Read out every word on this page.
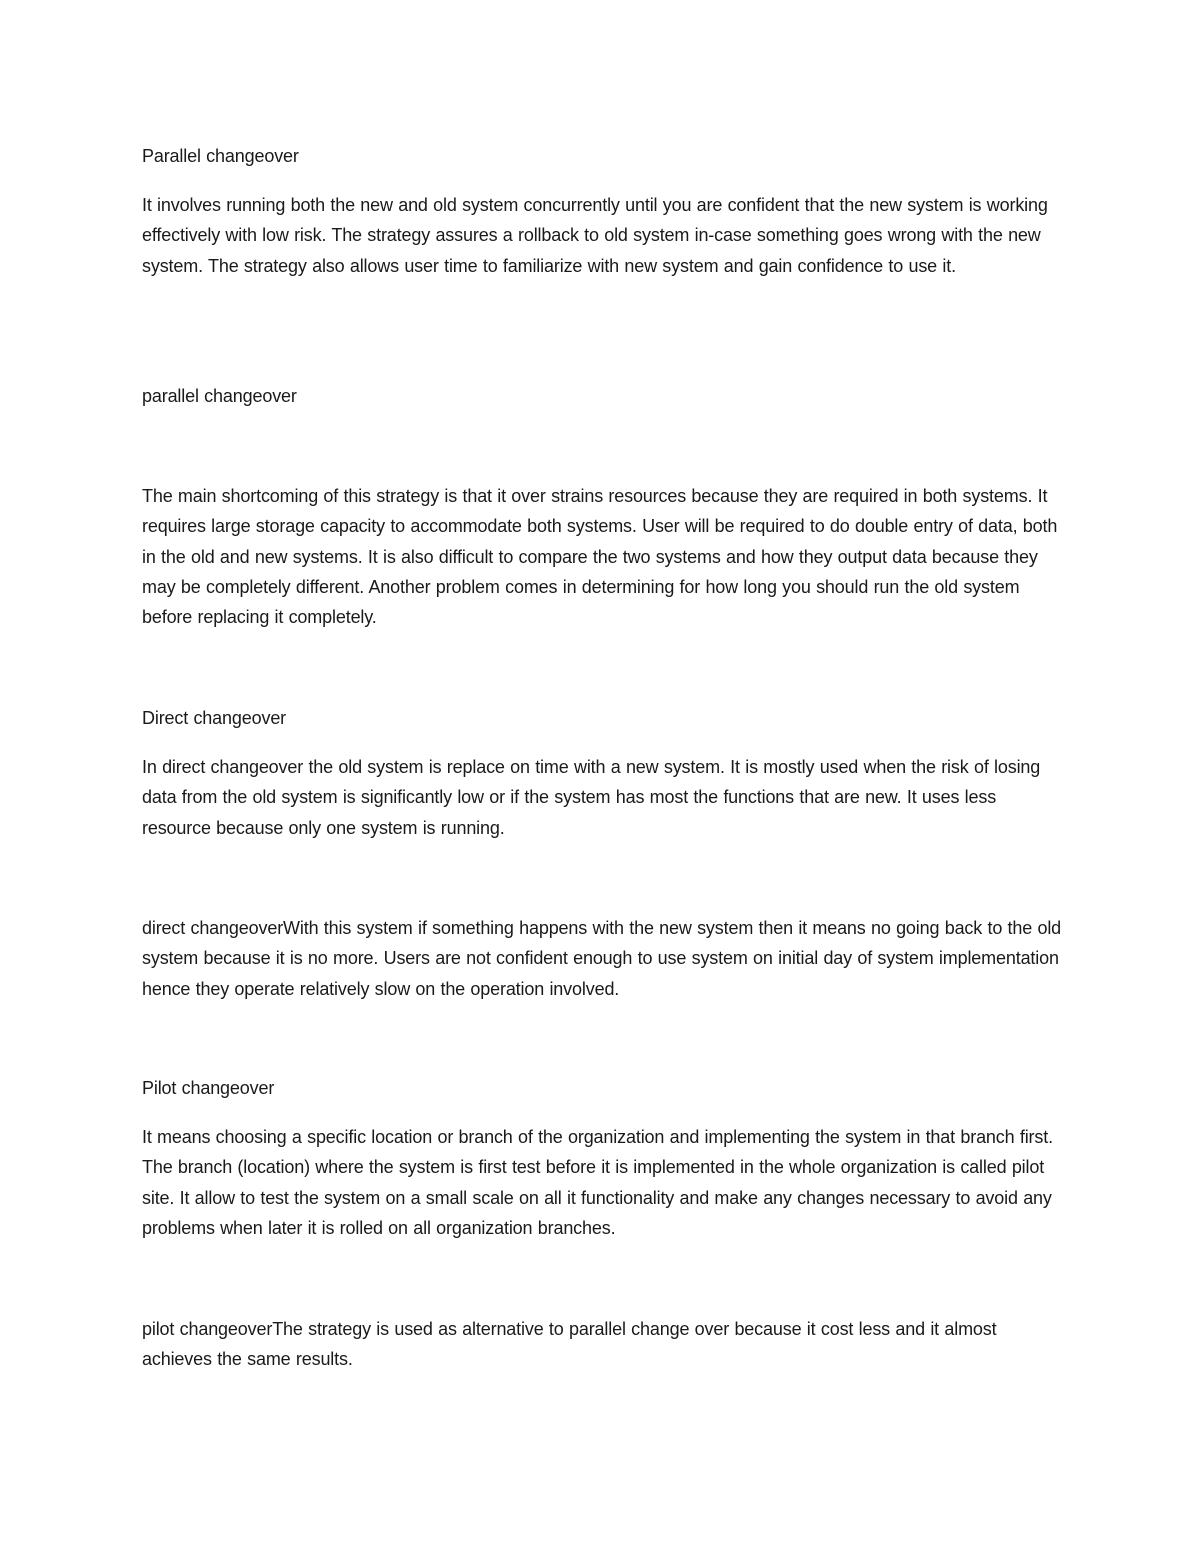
Parallel changeover

It involves running both the new and old system concurrently until you are confident that the new system is working effectively with low risk. The strategy assures a rollback to old system in-case something goes wrong with the new system. The strategy also allows user time to familiarize with new system and gain confidence to use it.

parallel changeover

The main shortcoming of this strategy is that it over strains resources because they are required in both systems. It requires large storage capacity to accommodate both systems. User will be required to do double entry of data, both in the old and new systems. It is also difficult to compare the two systems and how they output data because they may be completely different. Another problem comes in determining for how long you should run the old system before replacing it completely.

Direct changeover

In direct changeover the old system is replace on time with a new system. It is mostly used when the risk of losing data from the old system is significantly low or if the system has most the functions that are new. It uses less resource because only one system is running.

direct changeoverWith this system if something happens with the new system then it means no going back to the old system because it is no more. Users are not confident enough to use system on initial day of system implementation hence they operate relatively slow on the operation involved.

Pilot changeover

It means choosing a specific location or branch of the organization and implementing the system in that branch first. The branch (location) where the system is first test before it is implemented in the whole organization is called pilot site. It allow to test the system on a small scale on all it functionality and make any changes necessary to avoid any problems when later it is rolled on all organization branches.

pilot changeoverThe strategy is used as alternative to parallel change over because it cost less and it almost achieves the same results.
